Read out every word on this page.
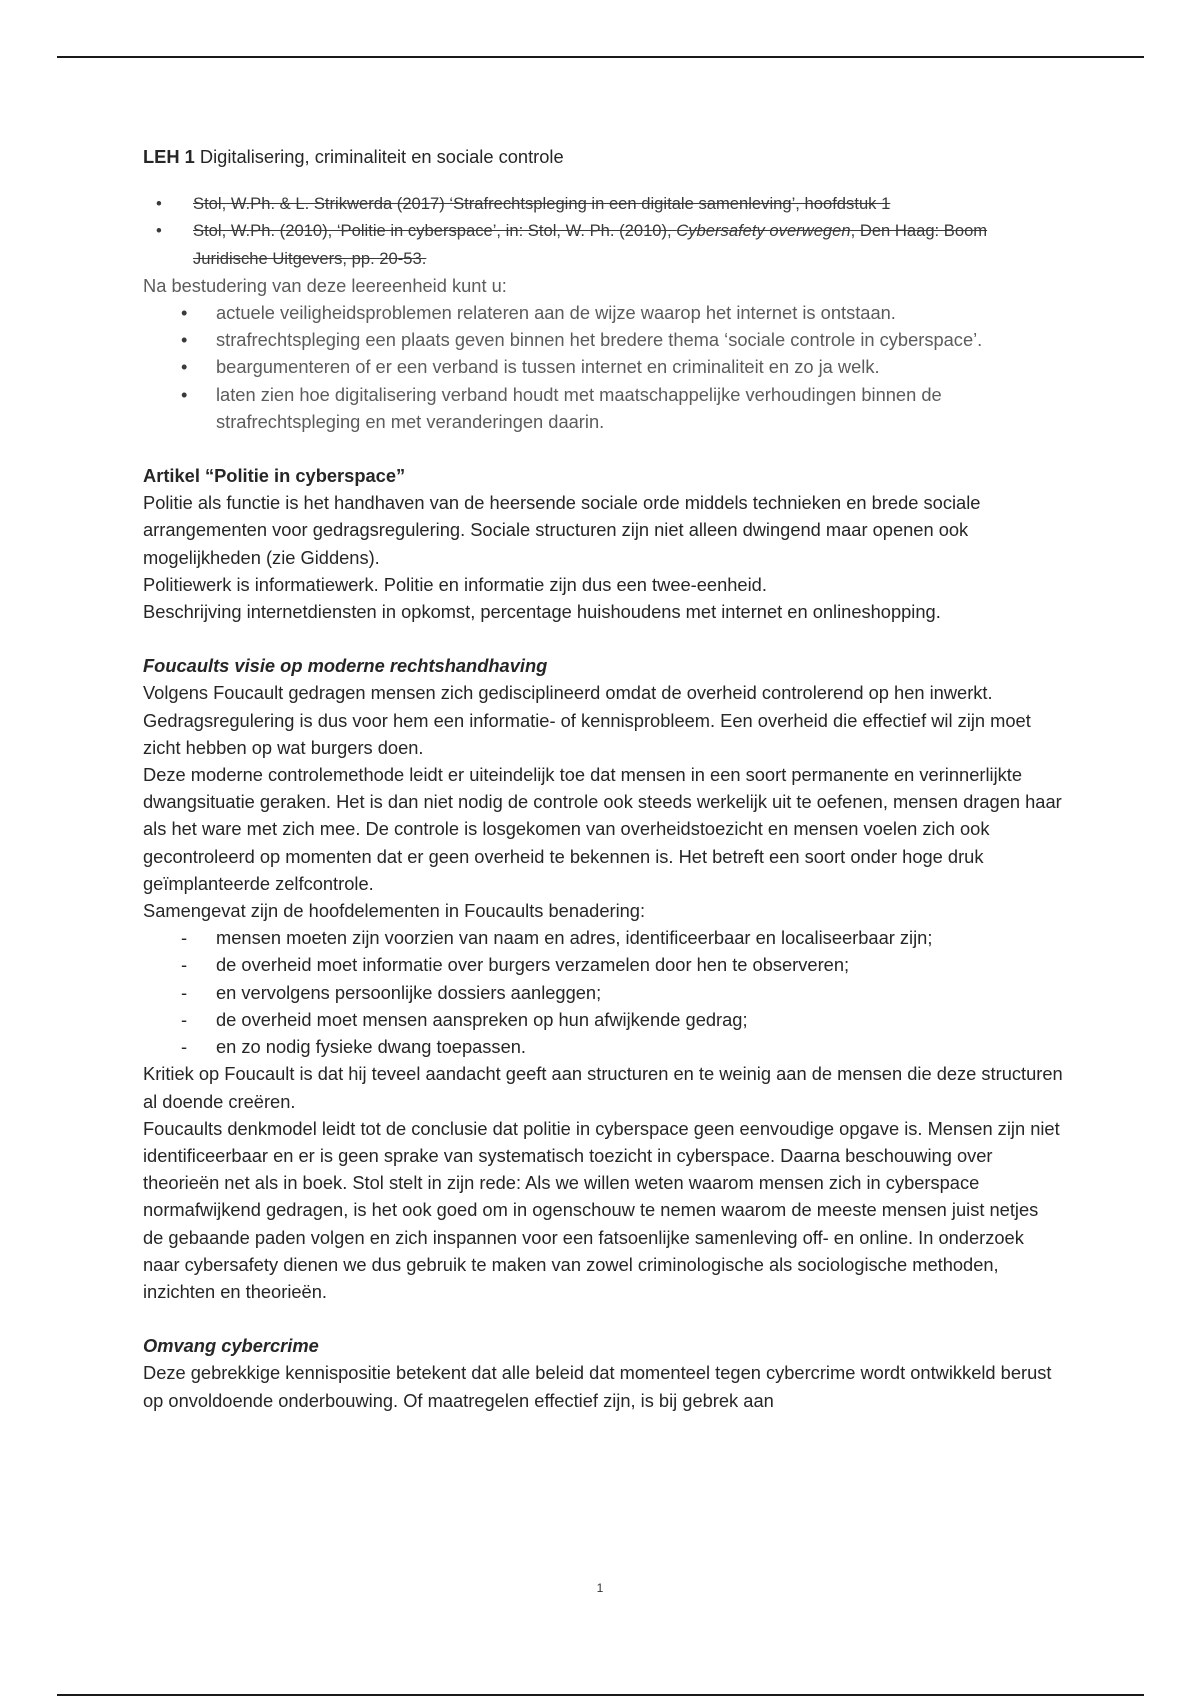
LEH 1 Digitalisering, criminaliteit en sociale controle
• Stol, W.Ph. & L. Strikwerda (2017) ‘Strafrechtspleging in een digitale samenleving’, hoofdstuk 1
• Stol, W.Ph. (2010), ‘Politie in cyberspace’, in: Stol, W. Ph. (2010), Cybersafety overwegen, Den Haag: Boom Juridische Uitgevers, pp. 20-53.

Na bestudering van deze leereenheid kunt u:

• actuele veiligheidsproblemen relateren aan de wijze waarop het internet is ontstaan.
• strafrechtspleging een plaats geven binnen het bredere thema ‘sociale controle in cyberspace’.
• beargumenteren of er een verband is tussen internet en criminaliteit en zo ja welk.
• laten zien hoe digitalisering verband houdt met maatschappelijke verhoudingen binnen de strafrechtspleging en met veranderingen daarin.

Artikel “Politie in cyberspace”

Politie als functie is het handhaven van de heersende sociale orde middels technieken en brede sociale arrangementen voor gedragsregulering. Sociale structuren zijn niet alleen dwingend maar openen ook mogelijkheden (zie Giddens).

Politiewerk is informatiewerk. Politie en informatie zijn dus een twee-eenheid.

Beschrijving internetdiensten in opkomst, percentage huishoudens met internet en onlineshopping.

Foucaults visie op moderne rechtshandhaving

Volgens Foucault gedragen mensen zich gedisciplineerd omdat de overheid controlerend op hen inwerkt. Gedragsregulering is dus voor hem een informatie- of kennisprobleem. Een overheid die effectief wil zijn moet zicht hebben op wat burgers doen.

Deze moderne controlemethode leidt er uiteindelijk toe dat mensen in een soort permanente en verinnerlijkte dwangsituatie geraken. Het is dan niet nodig de controle ook steeds werkelijk uit te oefenen, mensen dragen haar als het ware met zich mee. De controle is losgekomen van overheidstoezicht en mensen voelen zich ook gecontroleerd op momenten dat er geen overheid te bekennen is. Het betreft een soort onder hoge druk geïmplanteerde zelfcontrole.

Samengevat zijn de hoofdelementen in Foucaults benadering:

- mensen moeten zijn voorzien van naam en adres, identificeerbaar en localiseerbaar zijn;
- de overheid moet informatie over burgers verzamelen door hen te observeren;
- en vervolgens persoonlijke dossiers aanleggen;
- de overheid moet mensen aanspreken op hun afwijkende gedrag;
- en zo nodig fysieke dwang toepassen.

Kritiek op Foucault is dat hij teveel aandacht geeft aan structuren en te weinig aan de mensen die deze structuren al doende creëren.

Foucaults denkmodel leidt tot de conclusie dat politie in cyberspace geen eenvoudige opgave is. Mensen zijn niet identificeerbaar en er is geen sprake van systematisch toezicht in cyberspace. Daarna beschouwing over theorieën net als in boek. Stol stelt in zijn rede: Als we willen weten waarom mensen zich in cyberspace normafwijkend gedragen, is het ook goed om in ogenschouw te nemen waarom de meeste mensen juist netjes de gebaande paden volgen en zich inspannen voor een fatsoenlijke samenleving off- en online. In onderzoek naar cybersafety dienen we dus gebruik te maken van zowel criminologische als sociologische methoden, inzichten en theorieën.

Omvang cybercrime

Deze gebrekkige kennispositie betekent dat alle beleid dat momenteel tegen cybercrime wordt ontwikkeld berust op onvoldoende onderbouwing. Of maatregelen effectief zijn, is bij gebrek aan

1
